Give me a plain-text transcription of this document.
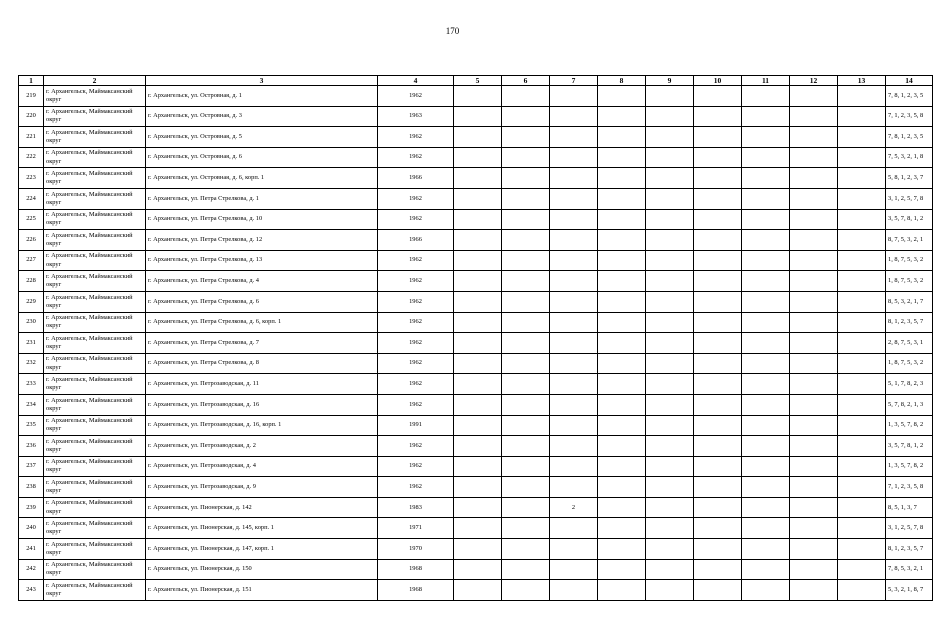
170
1	2	3	4	5	6	7	8	9	10	11	12	13	14
219	г. Архангельск, Маймаксанский округ	г. Архангельск, ул. Островная, д. 1	1962										7, 8, 1, 2, 3, 5
220	г. Архангельск, Маймаксанский округ	г. Архангельск, ул. Островная, д. 3	1963										7, 1, 2, 3, 5, 8
221	г. Архангельск, Маймаксанский округ	г. Архангельск, ул. Островная, д. 5	1962										7, 8, 1, 2, 3, 5
222	г. Архангельск, Маймаксанский округ	г. Архангельск, ул. Островная, д. 6	1962										7, 5, 3, 2, 1, 8
223	г. Архангельск, Маймаксанский округ	г. Архангельск, ул. Островная, д. 6, корп. 1	1966										5, 8, 1, 2, 3, 7
224	г. Архангельск, Маймаксанский округ	г. Архангельск, ул. Петра Стрелкова, д. 1	1962										3, 1, 2, 5, 7, 8
225	г. Архангельск, Маймаксанский округ	г. Архангельск, ул. Петра Стрелкова, д. 10	1962										3, 5, 7, 8, 1, 2
226	г. Архангельск, Маймаксанский округ	г. Архангельск, ул. Петра Стрелкова, д. 12	1966										8, 7, 5, 3, 2, 1
227	г. Архангельск, Маймаксанский округ	г. Архангельск, ул. Петра Стрелкова, д. 13	1962										1, 8, 7, 5, 3, 2
228	г. Архангельск, Маймаксанский округ	г. Архангельск, ул. Петра Стрелкова, д. 4	1962										1, 8, 7, 5, 3, 2
229	г. Архангельск, Маймаксанский округ	г. Архангельск, ул. Петра Стрелкова, д. 6	1962										8, 5, 3, 2, 1, 7
230	г. Архангельск, Маймаксанский округ	г. Архангельск, ул. Петра Стрелкова, д. 6, корп. 1	1962										8, 1, 2, 3, 5, 7
231	г. Архангельск, Маймаксанский округ	г. Архангельск, ул. Петра Стрелкова, д. 7	1962										2, 8, 7, 5, 3, 1
232	г. Архангельск, Маймаксанский округ	г. Архангельск, ул. Петра Стрелкова, д. 8	1962										1, 8, 7, 5, 3, 2
233	г. Архангельск, Маймаксанский округ	г. Архангельск, ул. Петрозаводская, д. 11	1962										5, 1, 7, 8, 2, 3
234	г. Архангельск, Маймаксанский округ	г. Архангельск, ул. Петрозаводская, д. 16	1962										5, 7, 8, 2, 1, 3
235	г. Архангельск, Маймаксанский округ	г. Архангельск, ул. Петрозаводская, д. 16, корп. 1	1991										1, 3, 5, 7, 8, 2
236	г. Архангельск, Маймаксанский округ	г. Архангельск, ул. Петрозаводская, д. 2	1962										3, 5, 7, 8, 1, 2
237	г. Архангельск, Маймаксанский округ	г. Архангельск, ул. Петрозаводская, д. 4	1962										1, 3, 5, 7, 8, 2
238	г. Архангельск, Маймаксанский округ	г. Архангельск, ул. Петрозаводская, д. 9	1962										7, 1, 2, 3, 5, 8
239	г. Архангельск, Маймаксанский округ	г. Архангельск, ул. Пионерская, д. 142	1983			2							8, 5, 1, 3, 7
240	г. Архангельск, Маймаксанский округ	г. Архангельск, ул. Пионерская, д. 145, корп. 1	1971										3, 1, 2, 5, 7, 8
241	г. Архангельск, Маймаксанский округ	г. Архангельск, ул. Пионерская, д. 147, корп. 1	1970										8, 1, 2, 3, 5, 7
242	г. Архангельск, Маймаксанский округ	г. Архангельск, ул. Пионерская, д. 150	1968										7, 8, 5, 3, 2, 1
243	г. Архангельск, Маймаксанский округ	г. Архангельск, ул. Пионерская, д. 151	1968										5, 3, 2, 1, 8, 7
